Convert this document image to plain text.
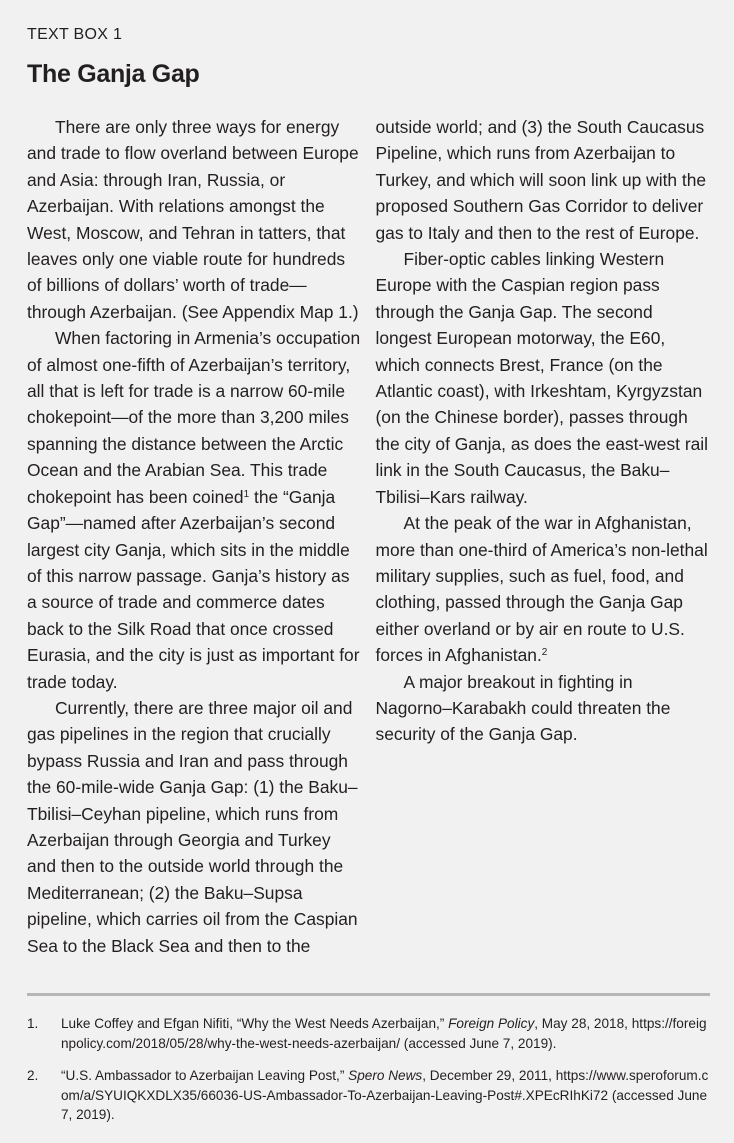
TEXT BOX 1
The Ganja Gap

There are only three ways for energy and trade to flow overland between Europe and Asia: through Iran, Russia, or Azerbaijan. With relations amongst the West, Moscow, and Tehran in tatters, that leaves only one viable route for hundreds of billions of dollars’ worth of trade—through Azerbaijan. (See Appendix Map 1.)

When factoring in Armenia’s occupation of almost one-fifth of Azerbaijan’s territory, all that is left for trade is a narrow 60-mile chokepoint—of the more than 3,200 miles spanning the distance between the Arctic Ocean and the Arabian Sea. This trade chokepoint has been coined$^1$ the “Ganja Gap”—named after Azerbaijan’s second largest city Ganja, which sits in the middle of this narrow passage. Ganja’s history as a source of trade and commerce dates back to the Silk Road that once crossed Eurasia, and the city is just as important for trade today.

Currently, there are three major oil and gas pipelines in the region that crucially bypass Russia and Iran and pass through the 60-mile-wide Ganja Gap: (1) the Baku–Tbilisi–Ceyhan pipeline, which runs from Azerbaijan through Georgia and Turkey and then to the outside world through the Mediterranean; (2) the Baku–Supsa pipeline, which carries oil from the Caspian Sea to the Black Sea and then to the outside world; and (3) the South Caucasus Pipeline, which runs from Azerbaijan to Turkey, and which will soon link up with the proposed Southern Gas Corridor to deliver gas to Italy and then to the rest of Europe.

Fiber-optic cables linking Western Europe with the Caspian region pass through the Ganja Gap. The second longest European motorway, the E60, which connects Brest, France (on the Atlantic coast), with Irkeshtam, Kyrgyzstan (on the Chinese border), passes through the city of Ganja, as does the east-west rail link in the South Caucasus, the Baku–Tbilisi–Kars railway.

At the peak of the war in Afghanistan, more than one-third of America’s non-lethal military supplies, such as fuel, food, and clothing, passed through the Ganja Gap either overland or by air en route to U.S. forces in Afghanistan.$^2$

A major breakout in fighting in Nagorno–Karabakh could threaten the security of the Ganja Gap.

1.	Luke Coffey and Efgan Nifiti, “Why the West Needs Azerbaijan,” Foreign Policy, May 28, 2018, https://foreignpolicy.com/2018/05/28/why-the-west-needs-azerbaijan/ (accessed June 7, 2019).
2.	“U.S. Ambassador to Azerbaijan Leaving Post,” Spero News, December 29, 2011, https://www.speroforum.com/a/SYUIQKXDLX35/66036-US-Ambassador-To-Azerbaijan-Leaving-Post#.XPEcRIhKi72 (accessed June 7, 2019).
